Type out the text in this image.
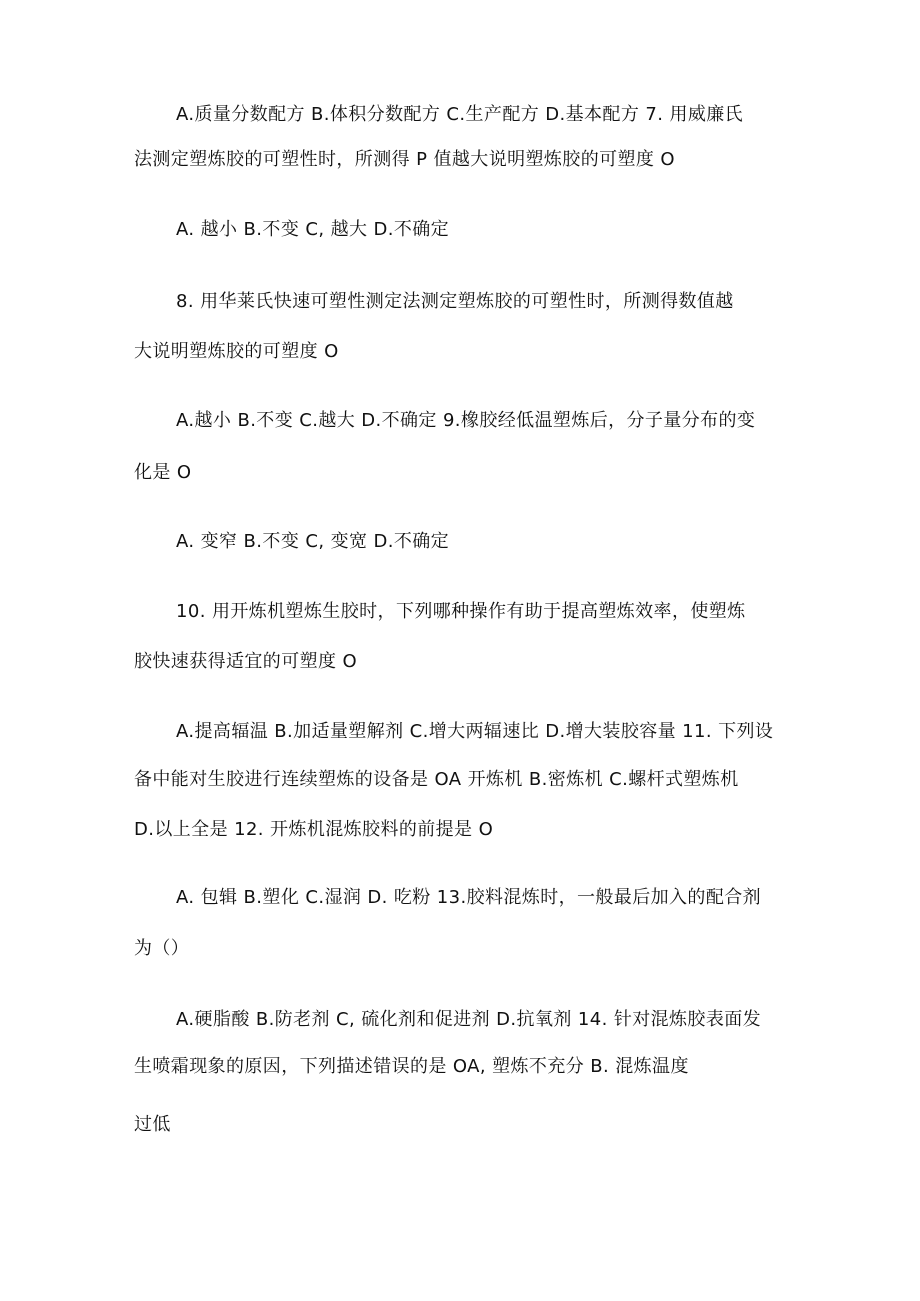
A.质量分数配方 B.体积分数配方 C.生产配方 D.基本配方 7. 用威廉氏
法测定塑炼胶的可塑性时，所测得 P 值越大说明塑炼胶的可塑度 O
A. 越小 B.不变 C, 越大 D.不确定
8. 用华莱氏快速可塑性测定法测定塑炼胶的可塑性时，所测得数值越
大说明塑炼胶的可塑度 O
A.越小 B.不变 C.越大 D.不确定 9.橡胶经低温塑炼后，分子量分布的变
化是 O
A. 变窄 B.不变 C, 变宽 D.不确定
10. 用开炼机塑炼生胶时，下列哪种操作有助于提高塑炼效率，使塑炼
胶快速获得适宜的可塑度 O
A.提高辐温 B.加适量塑解剂 C.增大两辐速比 D.增大装胶容量 11. 下列设
备中能对生胶进行连续塑炼的设备是 OA 开炼机 B.密炼机 C.螺杆式塑炼机
D.以上全是 12. 开炼机混炼胶料的前提是 O
A. 包辑 B.塑化 C.湿润 D. 吃粉 13.胶料混炼时，一般最后加入的配合剂
为（）
A.硬脂酸 B.防老剂 C, 硫化剂和促进剂 D.抗氧剂 14. 针对混炼胶表面发
生喷霜现象的原因，下列描述错误的是 OA, 塑炼不充分 B. 混炼温度
过低
